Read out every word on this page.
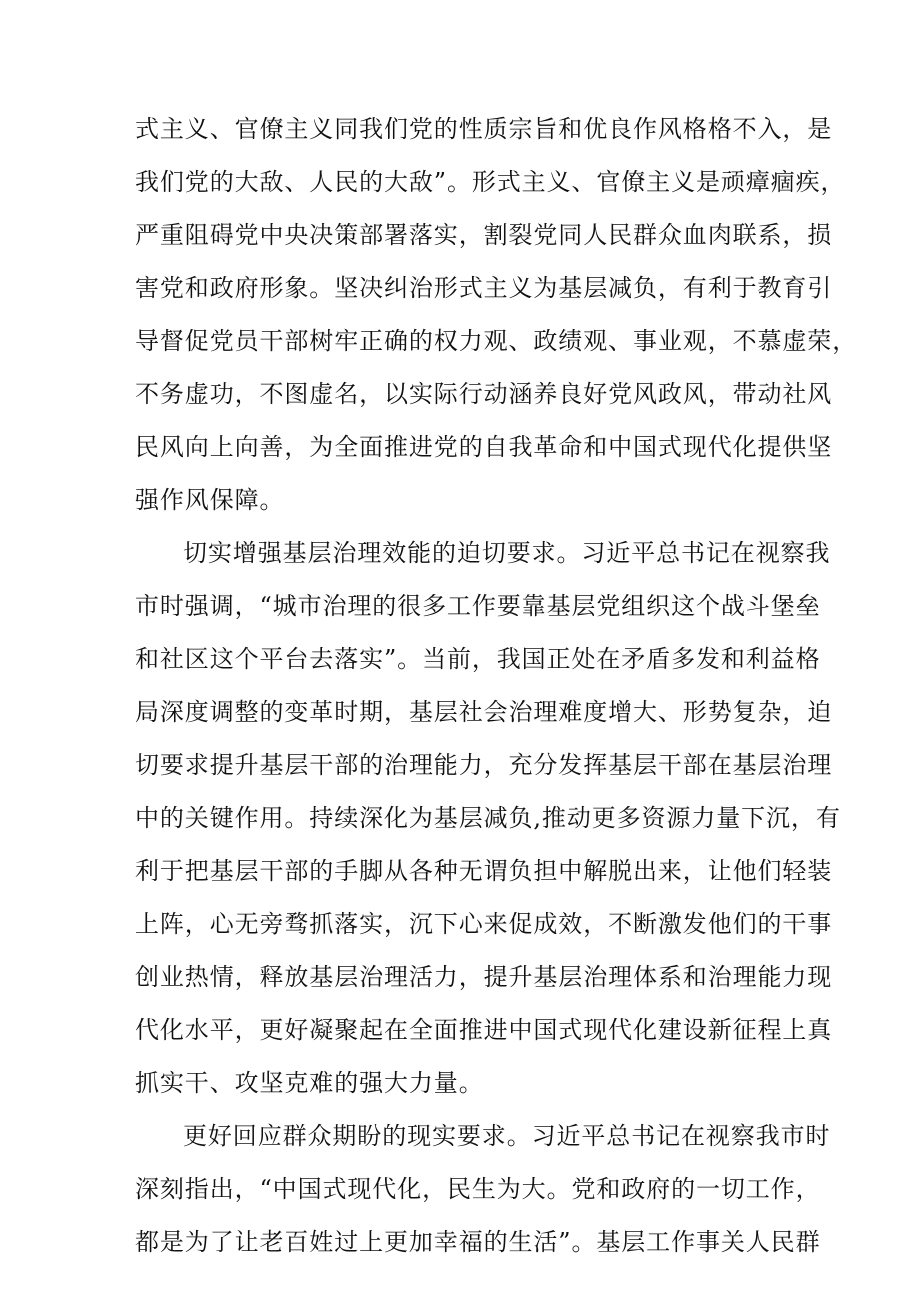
式主义、官僚主义同我们党的性质宗旨和优良作风格格不入，是
我们党的大敌、人民的大敌”。形式主义、官僚主义是顽瘴痼疾，
严重阻碍党中央决策部署落实，割裂党同人民群众血肉联系，损
害党和政府形象。坚决纠治形式主义为基层减负，有利于教育引
导督促党员干部树牢正确的权力观、政绩观、事业观，不慕虚荣，
不务虚功，不图虚名，以实际行动涵养良好党风政风，带动社风
民风向上向善，为全面推进党的自我革命和中国式现代化提供坚
强作风保障。
切实增强基层治理效能的迫切要求。习近平总书记在视察我
市时强调，“城市治理的很多工作要靠基层党组织这个战斗堡垒
和社区这个平台去落实”。当前，我国正处在矛盾多发和利益格
局深度调整的变革时期，基层社会治理难度增大、形势复杂，迫
切要求提升基层干部的治理能力，充分发挥基层干部在基层治理
中的关键作用。持续深化为基层减负,推动更多资源力量下沉，有
利于把基层干部的手脚从各种无谓负担中解脱出来，让他们轻装
上阵，心无旁骛抓落实，沉下心来促成效，不断激发他们的干事
创业热情，释放基层治理活力，提升基层治理体系和治理能力现
代化水平，更好凝聚起在全面推进中国式现代化建设新征程上真
抓实干、攻坚克难的强大力量。
更好回应群众期盼的现实要求。习近平总书记在视察我市时
深刻指出，“中国式现代化，民生为大。党和政府的一切工作，
都是为了让老百姓过上更加幸福的生活”。基层工作事关人民群
